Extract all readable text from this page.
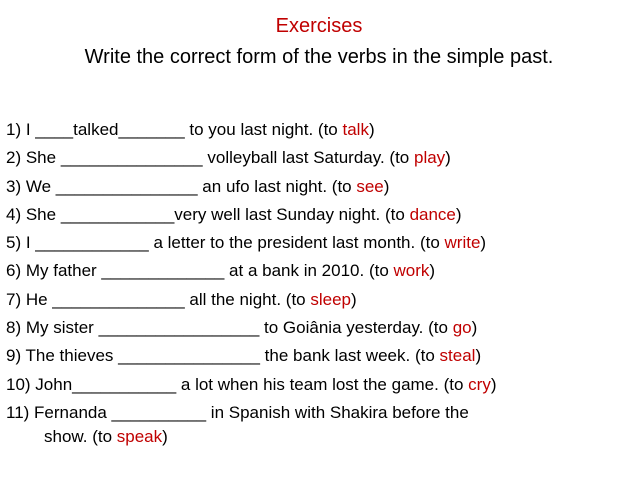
Exercises
Write the correct form of the verbs in the simple past.
1) I ____talked_______ to you last night. (to talk)
2) She _______________ volleyball last Saturday. (to play)
3) We _______________ an ufo last night. (to see)
4) She ____________very well last Sunday night. (to dance)
5) I ____________ a letter to the president last month. (to write)
6) My father _____________ at a bank in 2010. (to work)
7) He ______________ all the night. (to sleep)
8) My sister _________________ to Goiânia yesterday. (to go)
9) The thieves _______________ the bank last week. (to steal)
10) John___________ a lot when his team lost the game. (to cry)
11) Fernanda __________ in Spanish with Shakira before the
show. (to speak)
